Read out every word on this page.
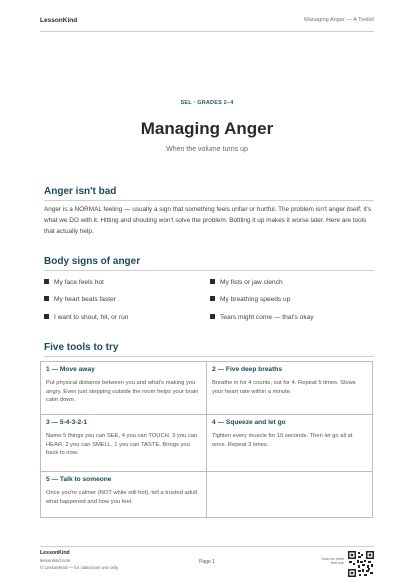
LessonKind	Managing Anger — A Toolkit
SEL · GRADES 2–4
Managing Anger
When the volume turns up
Anger isn't bad
Anger is a NORMAL feeling — usually a sign that something feels unfair or hurtful. The problem isn't anger itself; it's what we DO with it. Hitting and shouting won't solve the problem. Bottling it up makes it worse later. Here are tools that actually help.
Body signs of anger
My face feels hot	My fists or jaw clench
My heart beats faster	My breathing speeds up
I want to shout, hit, or run	Tears might come — that's okay
Five tools to try
1 — Move away
Put physical distance between you and what's making you angry. Even just stepping outside the room helps your brain calm down.
2 — Five deep breaths
Breathe in for 4 counts, out for 4. Repeat 5 times. Slows your heart rate within a minute.
3 — 5-4-3-2-1
Name 5 things you can SEE, 4 you can TOUCH, 3 you can HEAR, 2 you can SMELL, 1 you can TASTE. Brings you back to now.
4 — Squeeze and let go
Tighten every muscle for 10 seconds. Then let go all at once. Repeat 3 times.
5 — Talk to someone
Once you're calmer (NOT while still hot), tell a trusted adult what happened and how you feel.
LessonKind
lessonkind.com
© LessonKind — for classroom use only
Page 1	Scan for more free use
